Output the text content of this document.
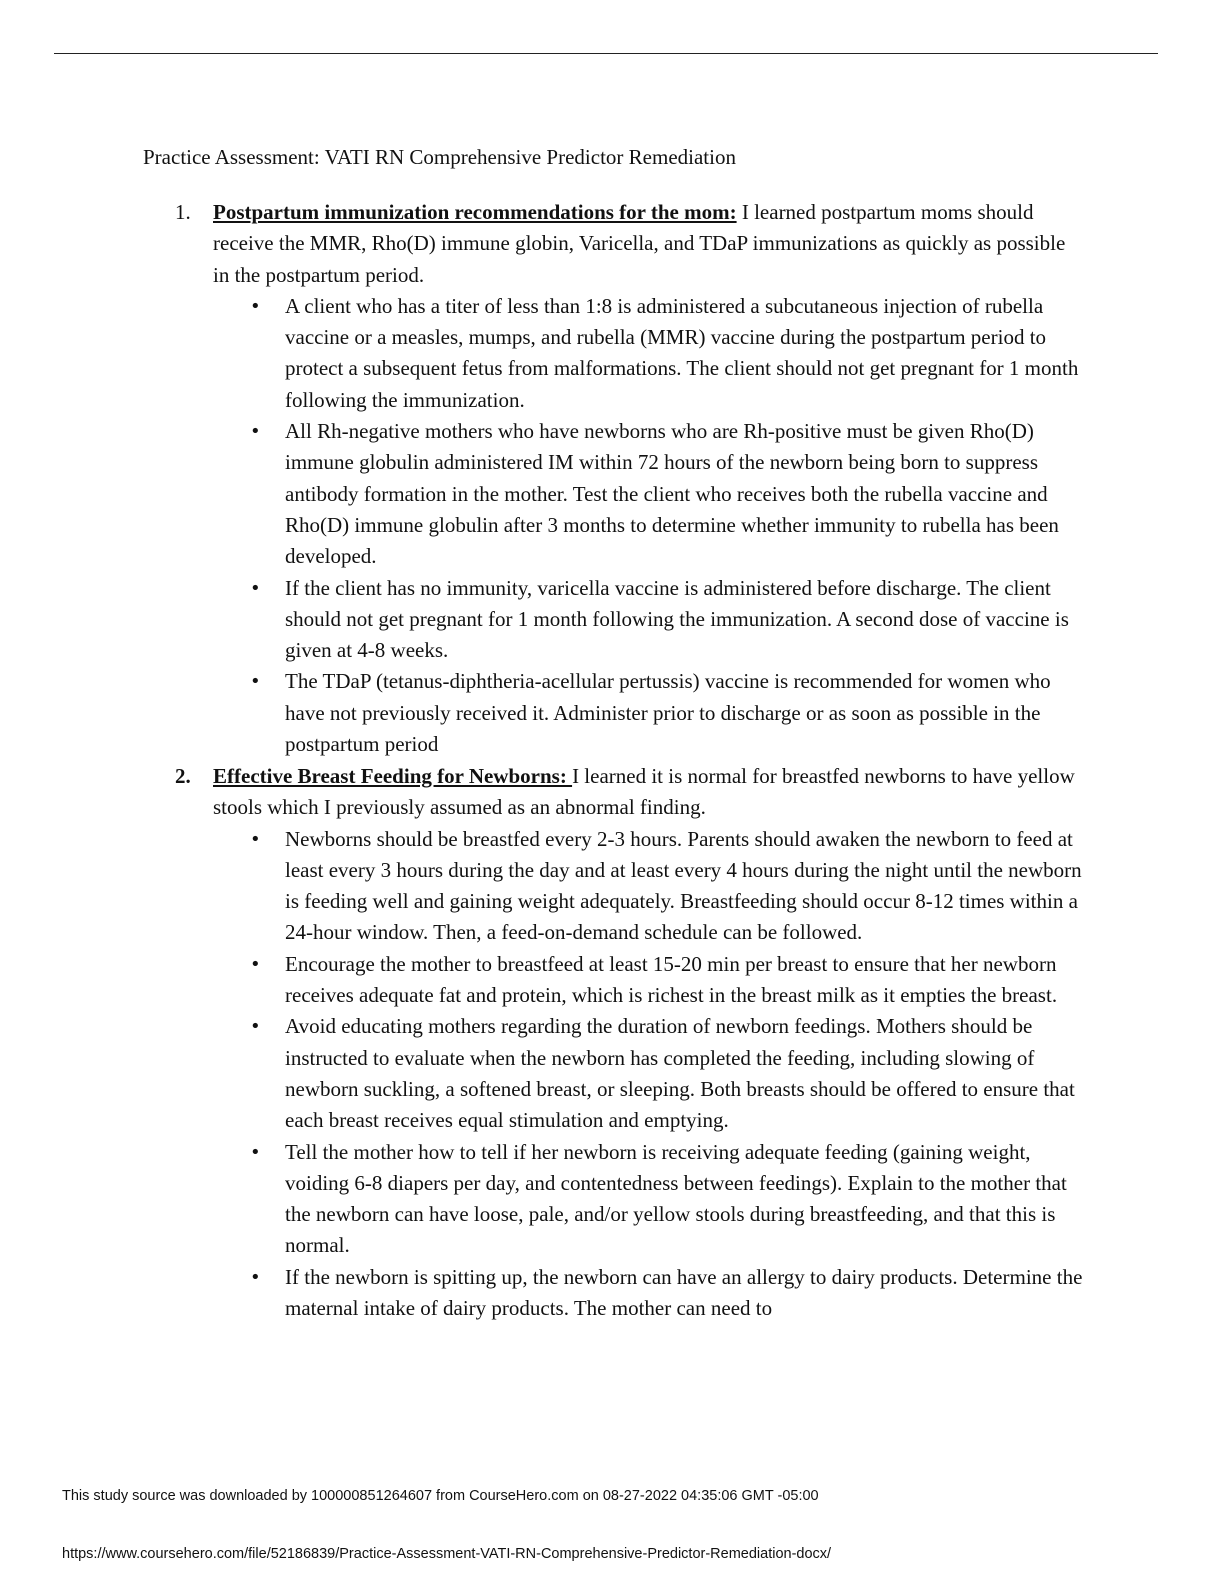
Practice Assessment: VATI RN Comprehensive Predictor Remediation
1.	Postpartum immunization recommendations for the mom: I learned postpartum moms should receive the MMR, Rho(D) immune globin, Varicella, and TDaP immunizations as quickly as possible in the postpartum period.
• A client who has a titer of less than 1:8 is administered a subcutaneous injection of rubella vaccine or a measles, mumps, and rubella (MMR) vaccine during the postpartum period to protect a subsequent fetus from malformations. The client should not get pregnant for 1 month following the immunization.
• All Rh-negative mothers who have newborns who are Rh-positive must be given Rho(D) immune globulin administered IM within 72 hours of the newborn being born to suppress antibody formation in the mother. Test the client who receives both the rubella vaccine and Rho(D) immune globulin after 3 months to determine whether immunity to rubella has been developed.
• If the client has no immunity, varicella vaccine is administered before discharge. The client should not get pregnant for 1 month following the immunization. A second dose of vaccine is given at 4-8 weeks.
• The TDaP (tetanus-diphtheria-acellular pertussis) vaccine is recommended for women who have not previously received it. Administer prior to discharge or as soon as possible in the postpartum period
2.	Effective Breast Feeding for Newborns: I learned it is normal for breastfed newborns to have yellow stools which I previously assumed as an abnormal finding.
• Newborns should be breastfed every 2-3 hours. Parents should awaken the newborn to feed at least every 3 hours during the day and at least every 4 hours during the night until the newborn is feeding well and gaining weight adequately. Breastfeeding should occur 8-12 times within a 24-hour window. Then, a feed-on-demand schedule can be followed.
• Encourage the mother to breastfeed at least 15-20 min per breast to ensure that her newborn receives adequate fat and protein, which is richest in the breast milk as it empties the breast.
• Avoid educating mothers regarding the duration of newborn feedings. Mothers should be instructed to evaluate when the newborn has completed the feeding, including slowing of newborn suckling, a softened breast, or sleeping. Both breasts should be offered to ensure that each breast receives equal stimulation and emptying.
• Tell the mother how to tell if her newborn is receiving adequate feeding (gaining weight, voiding 6-8 diapers per day, and contentedness between feedings). Explain to the mother that the newborn can have loose, pale, and/or yellow stools during breastfeeding, and that this is normal.
• If the newborn is spitting up, the newborn can have an allergy to dairy products. Determine the maternal intake of dairy products. The mother can need to
This study source was downloaded by 100000851264607 from CourseHero.com on 08-27-2022 04:35:06 GMT -05:00
https://www.coursehero.com/file/52186839/Practice-Assessment-VATI-RN-Comprehensive-Predictor-Remediation-docx/
